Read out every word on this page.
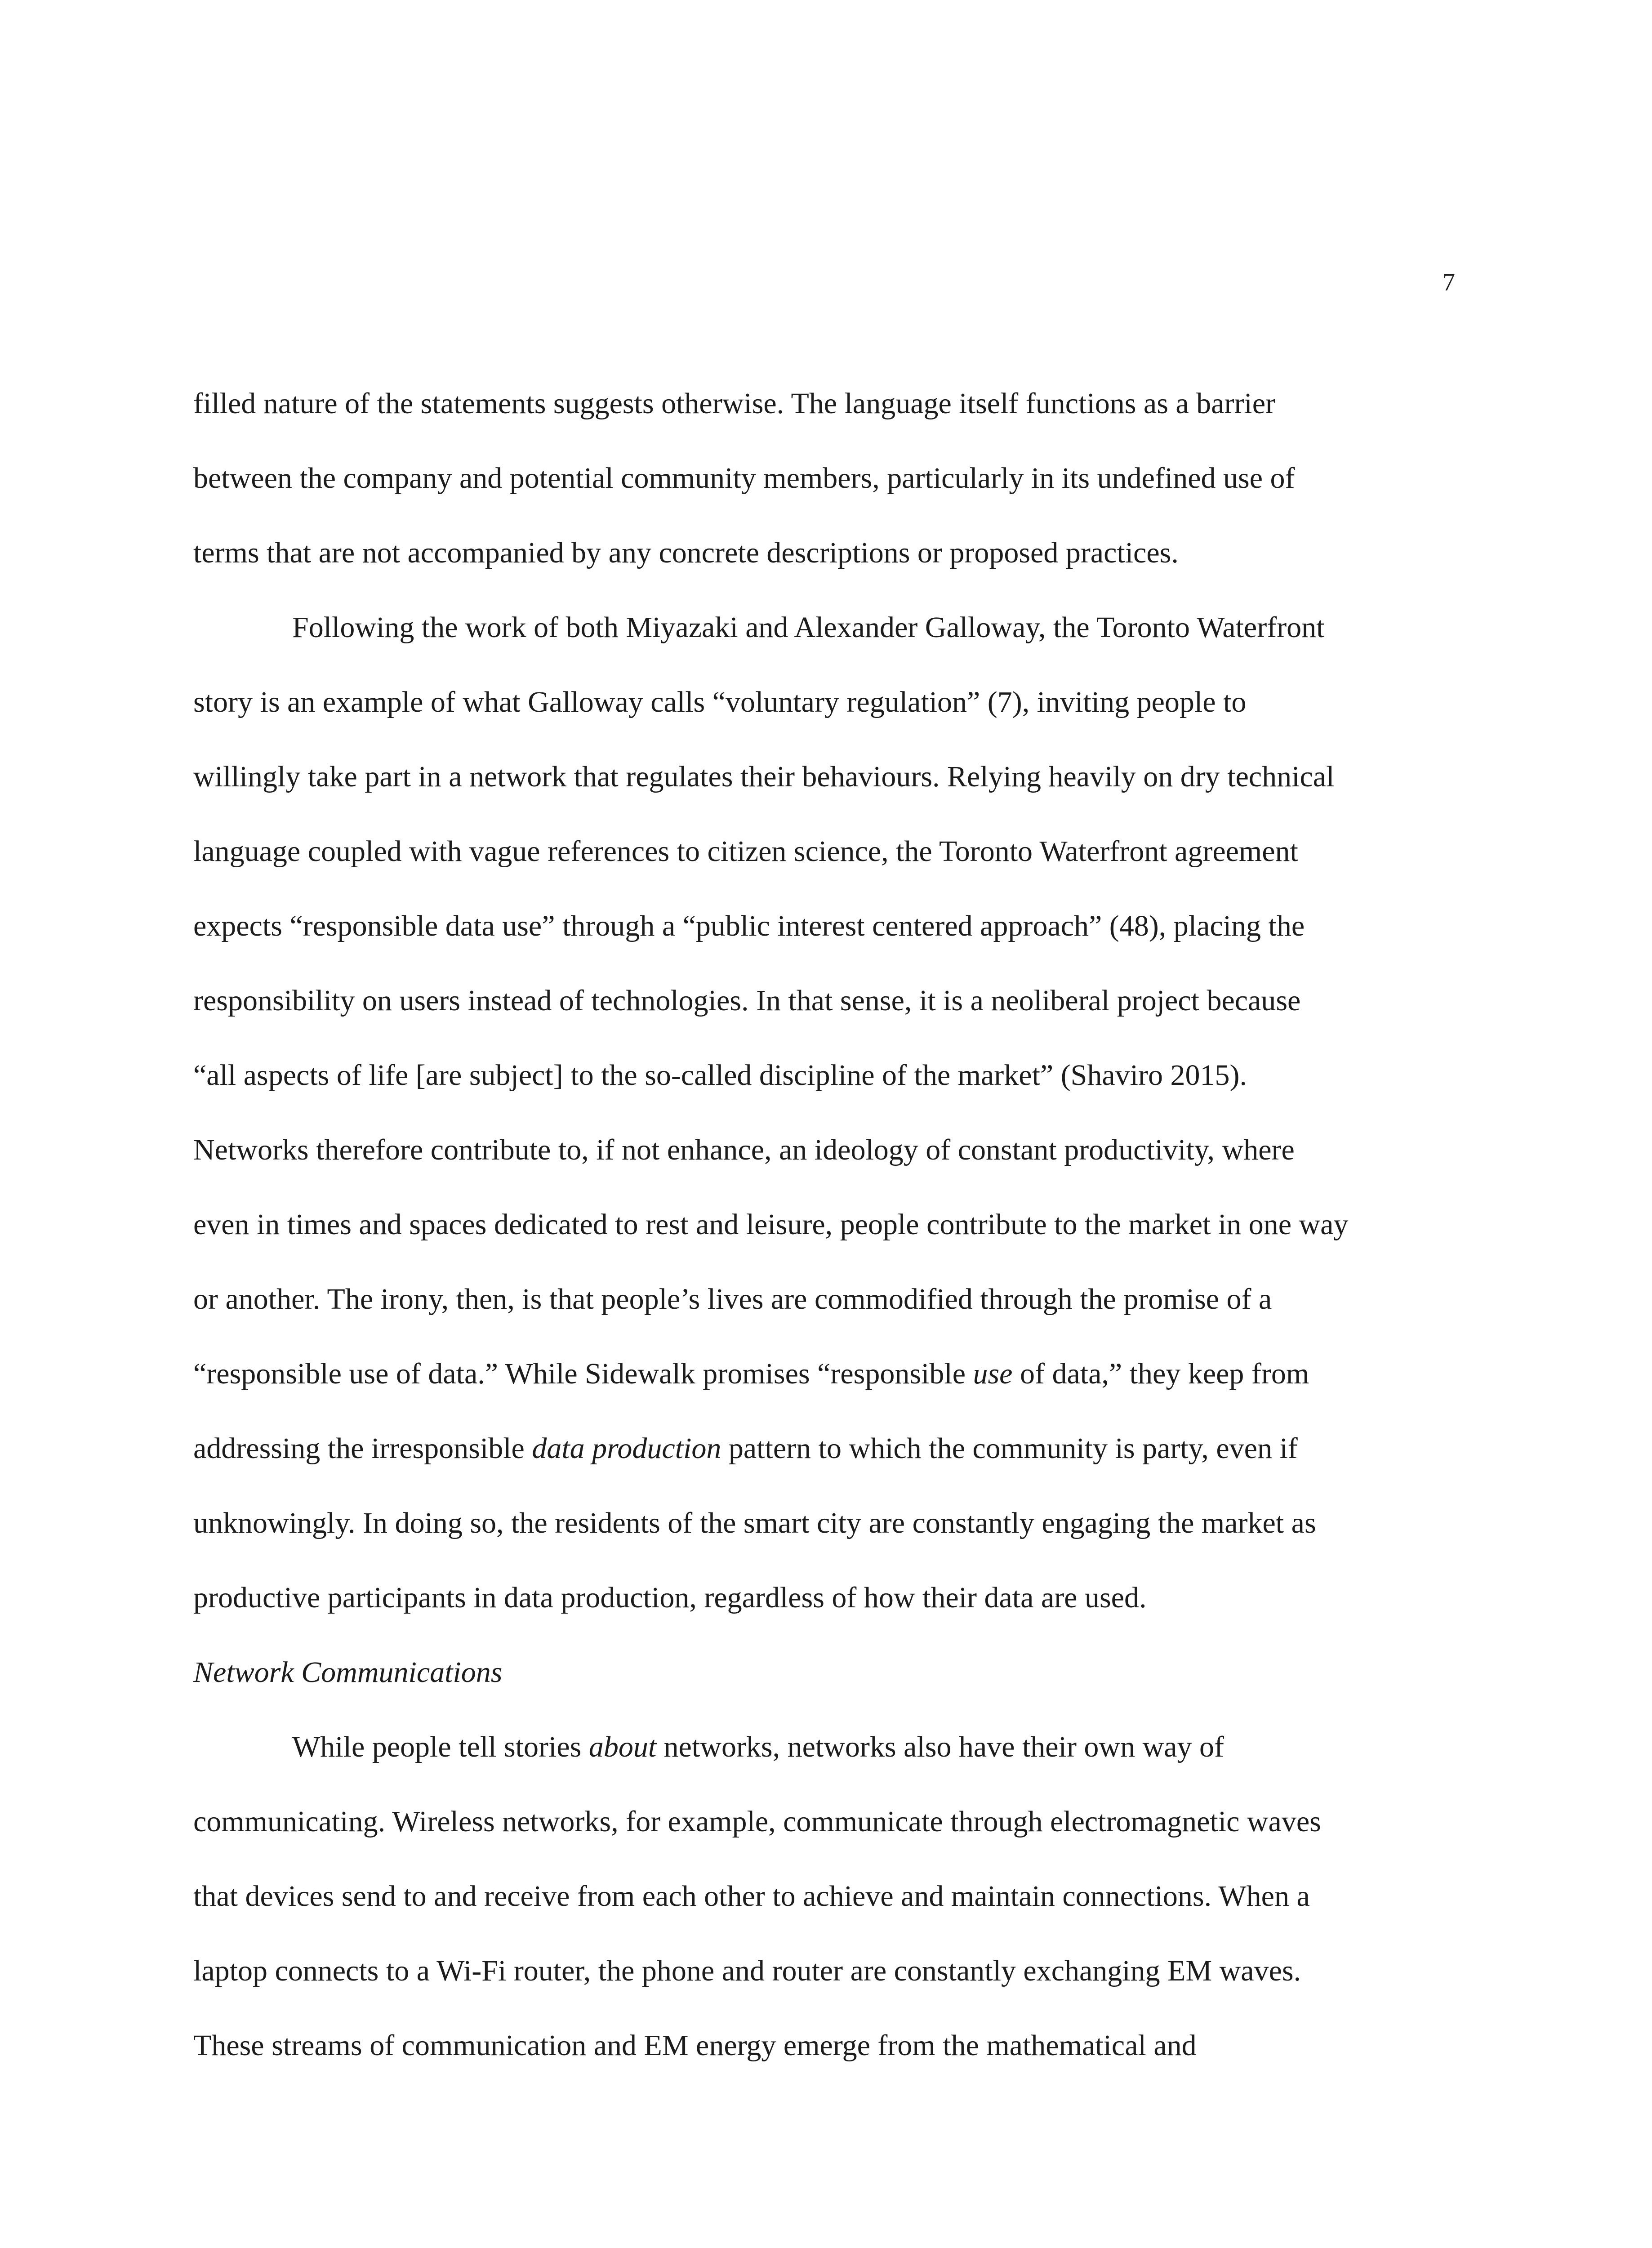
7
filled nature of the statements suggests otherwise. The language itself functions as a barrier
between the company and potential community members, particularly in its undefined use of
terms that are not accompanied by any concrete descriptions or proposed practices.
Following the work of both Miyazaki and Alexander Galloway, the Toronto Waterfront
story is an example of what Galloway calls “voluntary regulation” (7), inviting people to
willingly take part in a network that regulates their behaviours. Relying heavily on dry technical
language coupled with vague references to citizen science, the Toronto Waterfront agreement
expects “responsible data use” through a “public interest centered approach” (48), placing the
responsibility on users instead of technologies. In that sense, it is a neoliberal project because
“all aspects of life [are subject] to the so-called discipline of the market” (Shaviro 2015).
Networks therefore contribute to, if not enhance, an ideology of constant productivity, where
even in times and spaces dedicated to rest and leisure, people contribute to the market in one way
or another. The irony, then, is that people’s lives are commodified through the promise of a
“responsible use of data.” While Sidewalk promises “responsible use of data,” they keep from
addressing the irresponsible data production pattern to which the community is party, even if
unknowingly. In doing so, the residents of the smart city are constantly engaging the market as
productive participants in data production, regardless of how their data are used.
Network Communications
While people tell stories about networks, networks also have their own way of
communicating. Wireless networks, for example, communicate through electromagnetic waves
that devices send to and receive from each other to achieve and maintain connections. When a
laptop connects to a Wi-Fi router, the phone and router are constantly exchanging EM waves.
These streams of communication and EM energy emerge from the mathematical and
